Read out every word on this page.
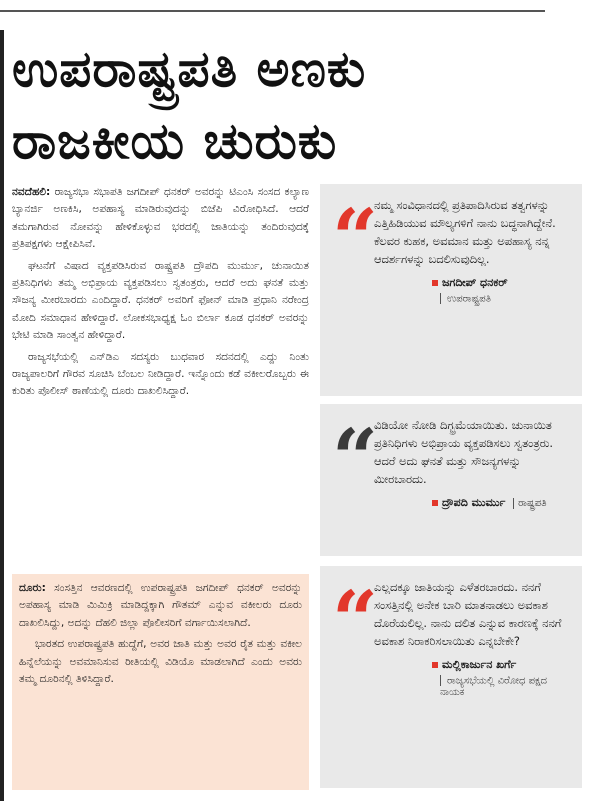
ಉಪರಾಷ್ಟ್ರಪತಿ ಅಣಕು
ರಾಜಕೀಯ ಚುರುಕು

ನವದೆಹಲಿ: ರಾಜ್ಯಸಭಾ ಸಭಾಪತಿ ಜಗದೀಪ್ ಧನಕರ್ ಅವರನ್ನು ಟಿಎಂಸಿ ಸಂಸದ ಕಲ್ಯಾಣ ಬ್ಯಾನರ್ಜಿ ಅಣಕಿಸಿ, ಅಪಹಾಸ್ಯ ಮಾಡಿರುವುದನ್ನು ಬಿಜೆಪಿ ವಿರೋಧಿಸಿದೆ. ಆದರೆ ತಮಗಾಗಿರುವ ನೋವನ್ನು ಹೇಳಿಕೊಳ್ಳುವ ಭರದಲ್ಲಿ ಜಾತಿಯನ್ನು ತಂದಿರುವುದಕ್ಕೆ ಪ್ರತಿಪಕ್ಷಗಳು ಆಕ್ಷೇಪಿಸಿವೆ.

ಘಟನೆಗೆ ವಿಷಾದ ವ್ಯಕ್ತಪಡಿಸಿರುವ ರಾಷ್ಟ್ರಪತಿ ದ್ರೌಪದಿ ಮುರ್ಮು, ಚುನಾಯಿತ ಪ್ರತಿನಿಧಿಗಳು ತಮ್ಮ ಅಭಿಪ್ರಾಯ ವ್ಯಕ್ತಪಡಿಸಲು ಸ್ವತಂತ್ರರು, ಆದರೆ ಅದು ಘನತೆ ಮತ್ತು ಸೌಜನ್ಯ ಮೀರಬಾರದು ಎಂದಿದ್ದಾರೆ. ಧನಕರ್ ಅವರಿಗೆ ಫೋನ್ ಮಾಡಿ ಪ್ರಧಾನಿ ನರೇಂದ್ರ ಮೋದಿ ಸಮಾಧಾನ ಹೇಳಿದ್ದಾರೆ. ಲೋಕಸಭಾಧ್ಯಕ್ಷ ಓಂ ಬಿರ್ಲಾ ಕೂಡ ಧನಕರ್ ಅವರನ್ನು ಭೇಟಿ ಮಾಡಿ ಸಾಂತ್ವನ ಹೇಳಿದ್ದಾರೆ.

ರಾಜ್ಯಸಭೆಯಲ್ಲಿ ಎನ್‌ಡಿಎ ಸದಸ್ಯರು ಬುಧವಾರ ಸದನದಲ್ಲಿ ಎದ್ದು ನಿಂತು ರಾಜ್ಯಪಾಲರಿಗೆ ಗೌರವ ಸೂಚಿಸಿ ಬೆಂಬಲ ನೀಡಿದ್ದಾರೆ. ಇನ್ನೊಂದು ಕಡೆ ವಕೀಲರೊಬ್ಬರು ಈ ಕುರಿತು ಪೊಲೀಸ್ ಠಾಣೆಯಲ್ಲಿ ದೂರು ದಾಖಲಿಸಿದ್ದಾರೆ.

ದೂರು: ಸಂಸತ್ತಿನ ಆವರಣದಲ್ಲಿ ಉಪರಾಷ್ಟ್ರಪತಿ ಜಗದೀಪ್ ಧನಕರ್ ಅವರನ್ನು ಅಪಹಾಸ್ಯ ಮಾಡಿ ಮಿಮಿಕ್ರಿ ಮಾಡಿದ್ದಕ್ಕಾಗಿ ಗೌತಮ್ ಎನ್ನುವ ವಕೀಲರು ದೂರು ದಾಖಲಿಸಿದ್ದು, ಅದನ್ನು ದೆಹಲಿ ಜಿಲ್ಲಾ ಪೊಲೀಸರಿಗೆ ವರ್ಗಾಯಿಸಲಾಗಿದೆ.

ಭಾರತದ ಉಪರಾಷ್ಟ್ರಪತಿ ಹುದ್ದೆಗೆ, ಅವರ ಜಾತಿ ಮತ್ತು ಅವರ ರೈತ ಮತ್ತು ವಕೀಲ ಹಿನ್ನೆಲೆಯನ್ನು ಅವಮಾನಿಸುವ ರೀತಿಯಲ್ಲಿ ವಿಡಿಯೊ ಮಾಡಲಾಗಿದೆ ಎಂದು ಅವರು ತಮ್ಮ ದೂರಿನಲ್ಲಿ ತಿಳಿಸಿದ್ದಾರೆ.

“

ನಮ್ಮ ಸಂವಿಧಾನದಲ್ಲಿ ಪ್ರತಿಪಾದಿಸಿರುವ ತತ್ವಗಳನ್ನು ಎತ್ತಿಹಿಡಿಯುವ ಮೌಲ್ಯಗಳಿಗೆ ನಾನು ಬದ್ಧನಾಗಿದ್ದೇನೆ. ಕೆಲವರ ಕುಹಕ, ಅವಮಾನ ಮತ್ತು ಅಪಹಾಸ್ಯ ನನ್ನ ಆದರ್ಶಗಳನ್ನು ಬದಲಿಸುವುದಿಲ್ಲ.

ಜಗದೀಪ್ ಧನಕರ್
ಉಪರಾಷ್ಟ್ರಪತಿ
“

ವಿಡಿಯೋ ನೋಡಿ ದಿಗ್ಭ್ರಮೆಯಾಯಿತು. ಚುನಾಯಿತ ಪ್ರತಿನಿಧಿಗಳು ಅಭಿಪ್ರಾಯ ವ್ಯಕ್ತಪಡಿಸಲು ಸ್ವತಂತ್ರರು. ಆದರೆ ಅದು ಘನತೆ ಮತ್ತು ಸೌಜನ್ಯಗಳನ್ನು ಮೀರಬಾರದು.

ದ್ರೌಪದಿ ಮುರ್ಮು ರಾಷ್ಟ್ರಪತಿ
“

ಎಲ್ಲದಕ್ಕೂ ಜಾತಿಯನ್ನು ಎಳೆತರಬಾರದು. ನನಗೆ ಸಂಸತ್ತಿನಲ್ಲಿ ಅನೇಕ ಬಾರಿ ಮಾತನಾಡಲು ಅವಕಾಶ ದೊರೆಯಲಿಲ್ಲ. ನಾನು ದಲಿತ ಎನ್ನುವ ಕಾರಣಕ್ಕೆ ನನಗೆ ಅವಕಾಶ ನಿರಾಕರಿಸಲಾಯಿತು ಎನ್ನಬೇಕೇ?

ಮಲ್ಲಿಕಾರ್ಜುನ ಖರ್ಗೆ
ರಾಜ್ಯಸಭೆಯಲ್ಲಿ ವಿರೋಧ ಪಕ್ಷದ ನಾಯಕ
